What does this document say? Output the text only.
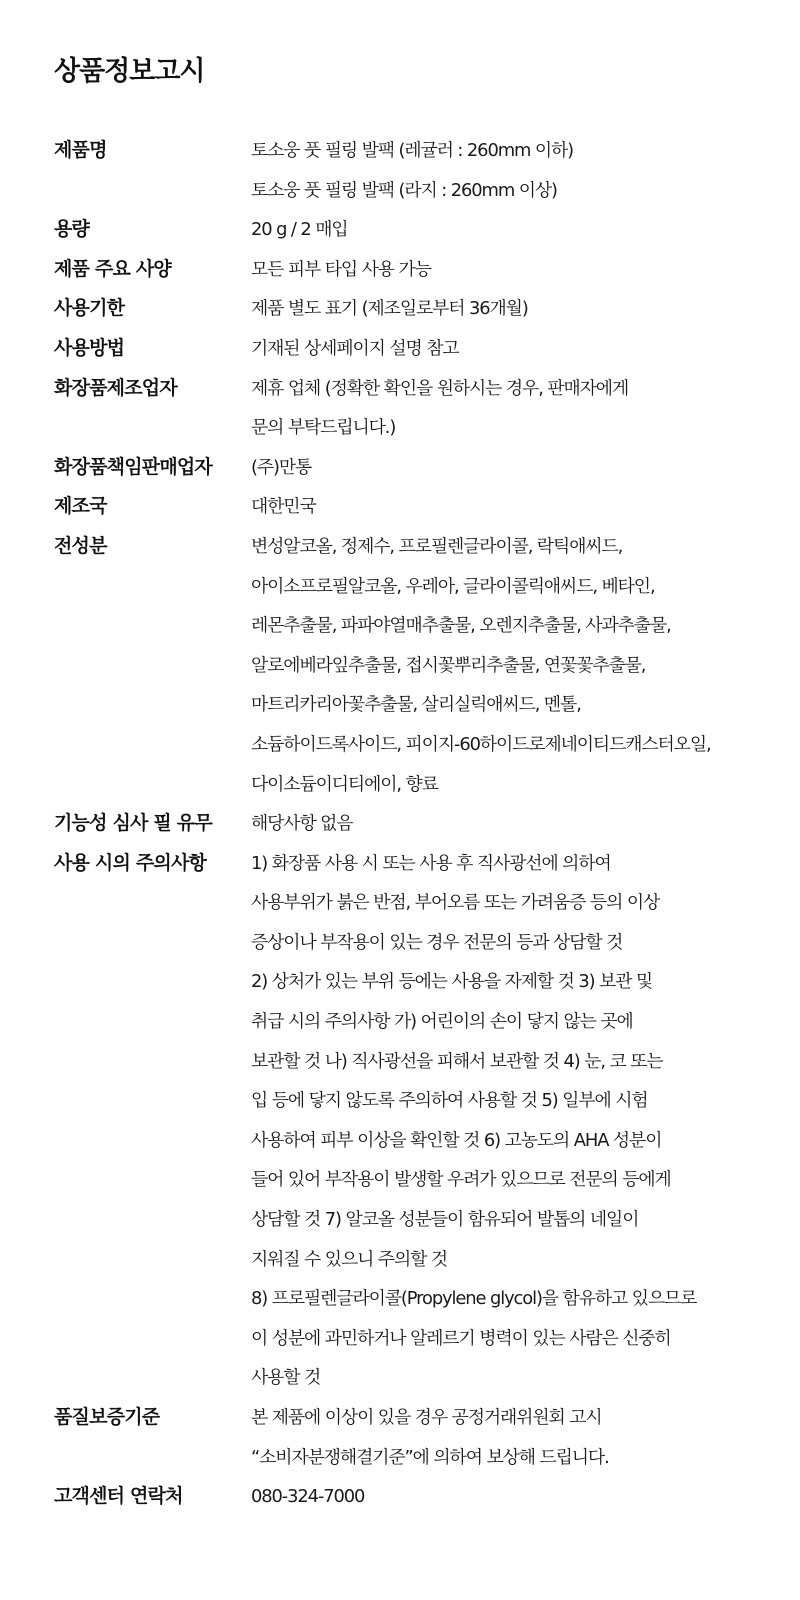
상품정보고시
제품명	토소웅 풋 필링 발팩 (레귤러 : 260mm 이하)
토소웅 풋 필링 발팩 (라지 : 260mm 이상)
용량	20 g / 2 매입
제품 주요 사양	모든 피부 타입 사용 가능
사용기한	제품 별도 표기 (제조일로부터 36개월)
사용방법	기재된 상세페이지 설명 참고
화장품제조업자	제휴 업체 (정확한 확인을 원하시는 경우, 판매자에게
문의 부탁드립니다.)
화장품책임판매업자	(주)만통
제조국	대한민국
전성분	변성알코올, 정제수, 프로필렌글라이콜, 락틱애씨드,
아이소프로필알코올, 우레아, 글라이콜릭애씨드, 베타인,
레몬추출물, 파파야열매추출물, 오렌지추출물, 사과추출물,
알로에베라잎추출물, 접시꽃뿌리추출물, 연꽃꽃추출물,
마트리카리아꽃추출물, 살리실릭애씨드, 멘톨,
소듐하이드록사이드, 피이지-60하이드로제네이티드캐스터오일,
다이소듐이디티에이, 향료
기능성 심사 필 유무	해당사항 없음
사용 시의 주의사항	1) 화장품 사용 시 또는 사용 후 직사광선에 의하여
사용부위가 붉은 반점, 부어오름 또는 가려움증 등의 이상
증상이나 부작용이 있는 경우 전문의 등과 상담할 것
2) 상처가 있는 부위 등에는 사용을 자제할 것 3) 보관 및
취급 시의 주의사항 가) 어린이의 손이 닿지 않는 곳에
보관할 것 나) 직사광선을 피해서 보관할 것 4) 눈, 코 또는
입 등에 닿지 않도록 주의하여 사용할 것 5) 일부에 시험
사용하여 피부 이상을 확인할 것 6) 고농도의 AHA 성분이
들어 있어 부작용이 발생할 우려가 있으므로 전문의 등에게
상담할 것 7) 알코올 성분들이 함유되어 발톱의 네일이
지워질 수 있으니 주의할 것
8) 프로필렌글라이콜(Propylene glycol)을 함유하고 있으므로
이 성분에 과민하거나 알레르기 병력이 있는 사람은 신중히
사용할 것
품질보증기준	본 제품에 이상이 있을 경우 공정거래위원회 고시
“소비자분쟁해결기준”에 의하여 보상해 드립니다.
고객센터 연락처	080-324-7000
